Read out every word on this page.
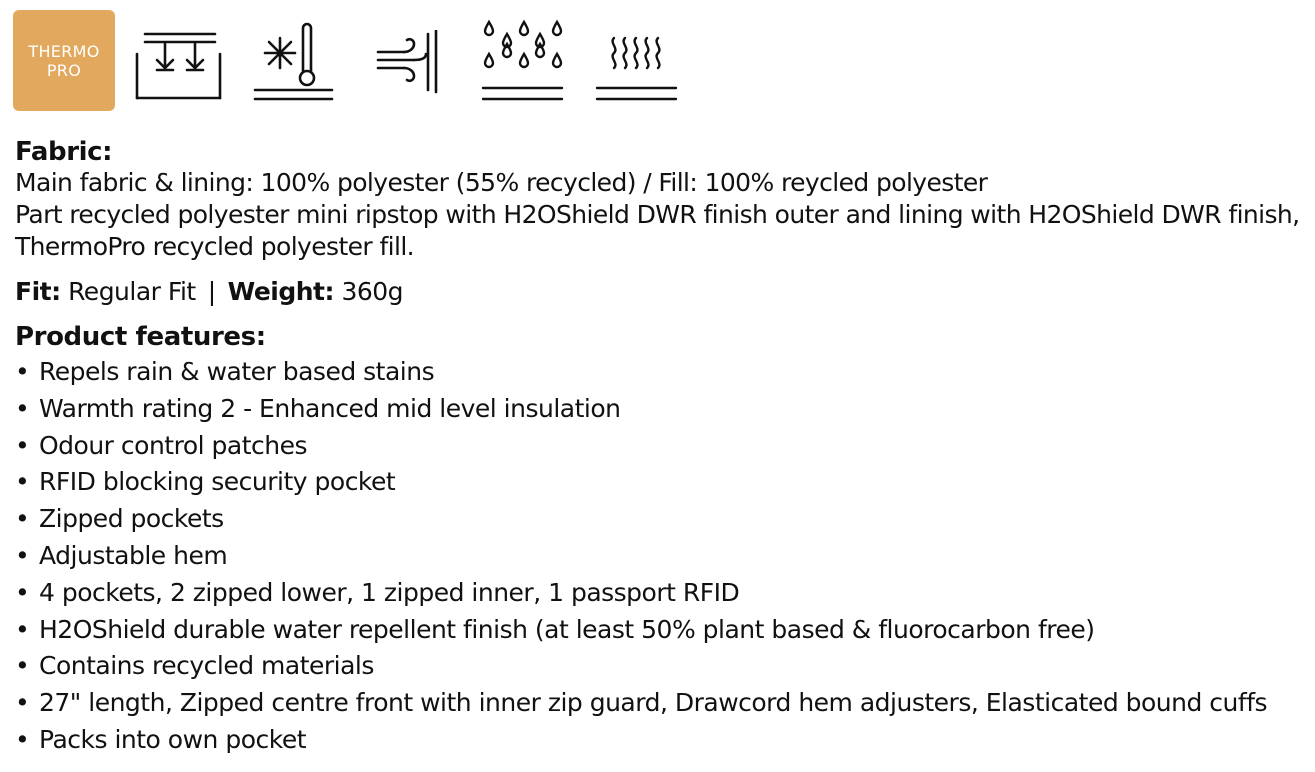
THERMO
PRO
Fabric:
Main fabric & lining: 100% polyester (55% recycled) / Fill: 100% reycled polyester
Part recycled polyester mini ripstop with H2OShield DWR finish outer and lining with H2OShield DWR finish,
ThermoPro recycled polyester fill.
Fit: Regular Fit | Weight: 360g
Product features:
• Repels rain & water based stains
• Warmth rating 2 - Enhanced mid level insulation
• Odour control patches
• RFID blocking security pocket
• Zipped pockets
• Adjustable hem
• 4 pockets, 2 zipped lower, 1 zipped inner, 1 passport RFID
• H2OShield durable water repellent finish (at least 50% plant based & fluorocarbon free)
• Contains recycled materials
• 27" length, Zipped centre front with inner zip guard, Drawcord hem adjusters, Elasticated bound cuffs
• Packs into own pocket
